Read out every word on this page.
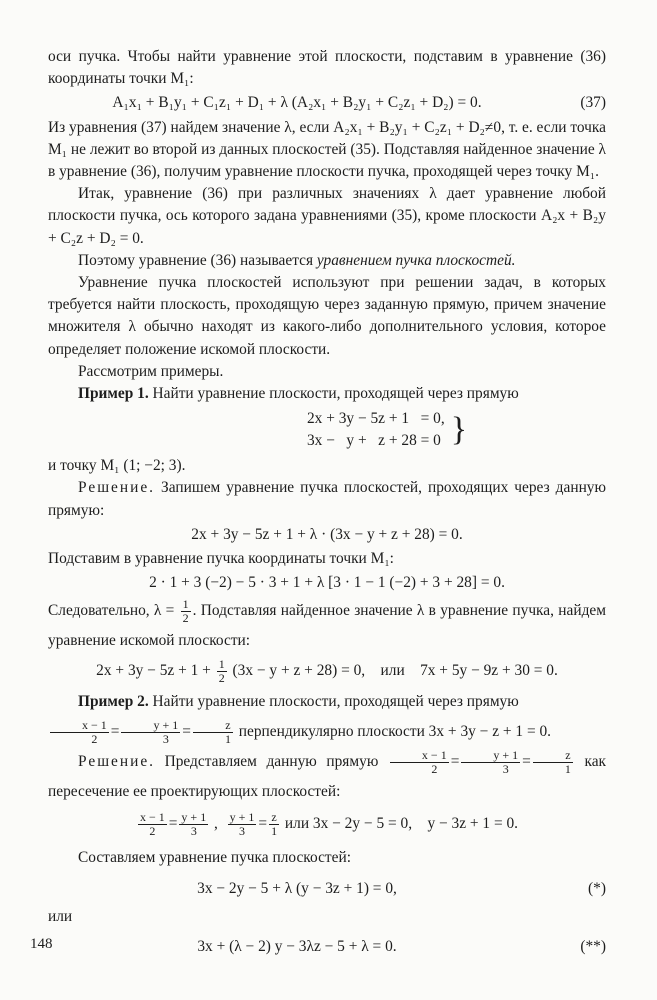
оси пучка. Чтобы найти уравнение этой плоскости, подставим в уравнение (36) координаты точки M₁:

A₁x₁ + B₁y₁ + C₁z₁ + D₁ + λ (A₂x₁ + B₂y₁ + C₂z₁ + D₂) = 0.	(37)

Из уравнения (37) найдем значение λ, если A₂x₁ + B₂y₁ + C₂z₁ + D₂≠0, т. е. если точка M₁ не лежит во второй из данных плоскостей (35). Подставляя найденное значение λ в уравнение (36), получим уравнение плоскости пучка, проходящей через точку M₁.

Итак, уравнение (36) при различных значениях λ дает уравнение любой плоскости пучка, ось которого задана уравнениями (35), кроме плоскости A₂x + B₂y + C₂z + D₂ = 0.

Поэтому уравнение (36) называется уравнением пучка плоскостей.

Уравнение пучка плоскостей используют при решении задач, в которых требуется найти плоскость, проходящую через заданную прямую, причем значение множителя λ обычно находят из какого-либо дополнительного условия, которое определяет положение искомой плоскости.

Рассмотрим примеры.

Пример 1. Найти уравнение плоскости, проходящей через прямую

2x + 3y − 5z + 1   = 0,
3x −   y +   z + 28 = 0 }

и точку M₁ (1; −2; 3).

Решение. Запишем уравнение пучка плоскостей, проходящих через данную прямую:

2x + 3y − 5z + 1 + λ · (3x − y + z + 28) = 0.

Подставим в уравнение пучка координаты точки M₁:

2 · 1 + 3 (−2) − 5 · 3 + 1 + λ [3 · 1 − 1 (−2) + 3 + 28] = 0.

Следовательно, $\lambda = \frac{1}{2}$ . Подставляя найденное значение λ в уравнение пучка, найдем уравнение искомой плоскости:

$2x + 3y - 5z + 1 + \frac{1}{2} (3x - y + z + 28) = 0$,    или    7x + 5y − 9z + 30 = 0.

Пример 2. Найти уравнение плоскости, проходящей через прямую

$\frac{x - 1}{2} = \frac{y + 1}{3} = \frac{z}{1}$ перпендикулярно плоскости 3x + 3y − z + 1 = 0.

Решение. Представляем данную прямую $\frac{x - 1}{2} = \frac{y + 1}{3} = \frac{z}{1}$ как пересечение ее проектирующих плоскостей:

$\frac{x - 1}{2} = \frac{y + 1}{3}$ , $\frac{y + 1}{3} = \frac{z}{1}$ или 3x − 2y − 5 = 0,    y − 3z + 1 = 0.

Составляем уравнение пучка плоскостей:

3x − 2y − 5 + λ (y − 3z + 1) = 0,	(*)

или

3x + (λ − 2) y − 3λz − 5 + λ = 0.	(**)
148
